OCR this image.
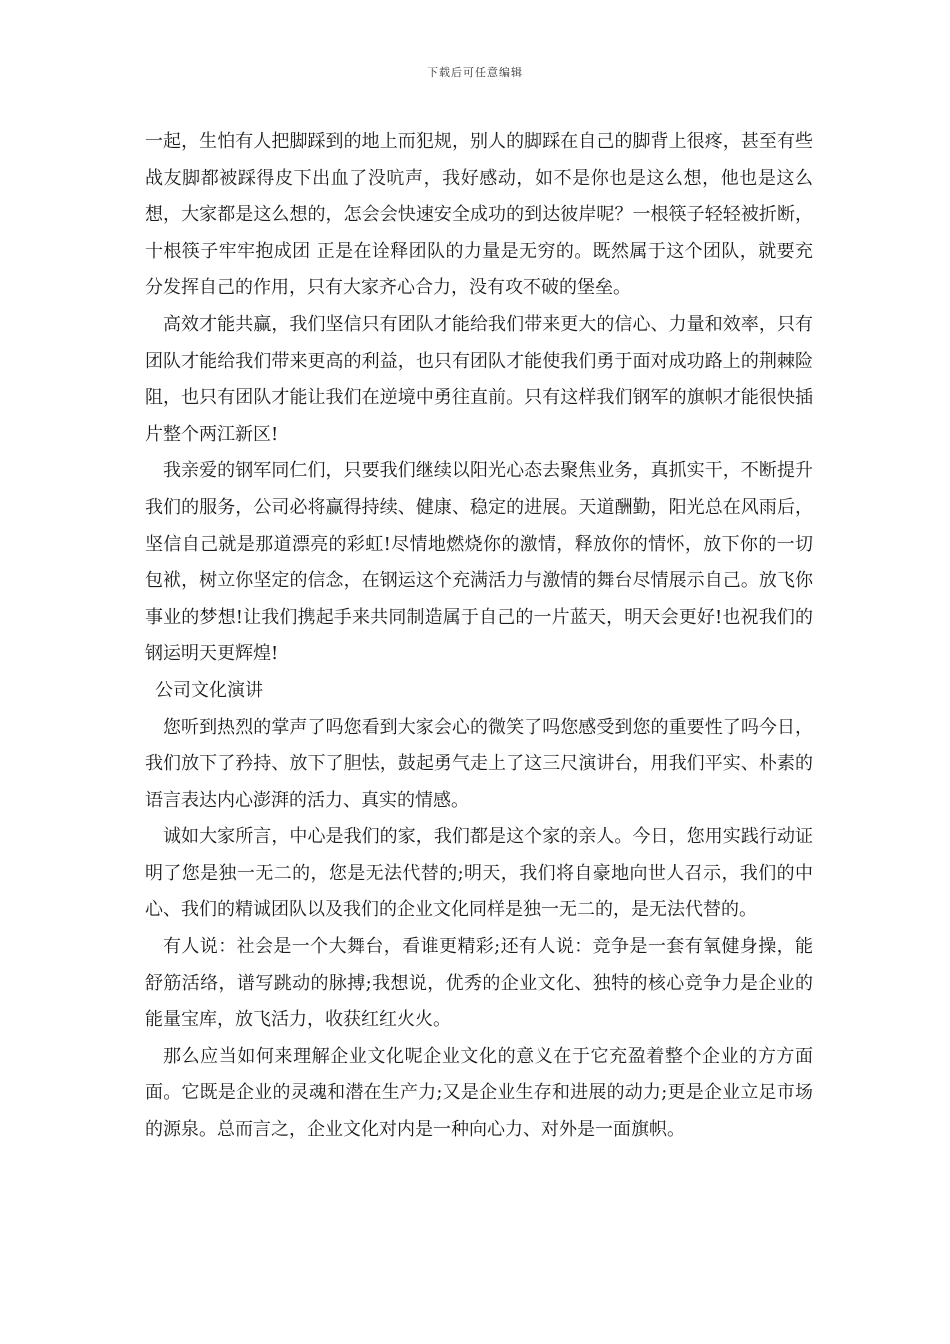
下载后可任意编辑

一起，生怕有人把脚踩到的地上而犯规，别人的脚踩在自己的脚背上很疼，甚至有些战友脚都被踩得皮下出血了没吭声，我好感动，如不是你也是这么想，他也是这么想，大家都是这么想的，怎会会快速安全成功的到达彼岸呢？一根筷子轻轻被折断，十根筷子牢牢抱成团 正是在诠释团队的力量是无穷的。既然属于这个团队，就要充分发挥自己的作用，只有大家齐心合力，没有攻不破的堡垒。

高效才能共赢，我们坚信只有团队才能给我们带来更大的信心、力量和效率，只有团队才能给我们带来更高的利益，也只有团队才能使我们勇于面对成功路上的荆棘险阻，也只有团队才能让我们在逆境中勇往直前。只有这样我们钢军的旗帜才能很快插片整个两江新区!

我亲爱的钢军同仁们，只要我们继续以阳光心态去聚焦业务，真抓实干，不断提升我们的服务，公司必将赢得持续、健康、稳定的进展。天道酬勤，阳光总在风雨后，坚信自己就是那道漂亮的彩虹!尽情地燃烧你的激情，释放你的情怀，放下你的一切包袱，树立你坚定的信念，在钢运这个充满活力与激情的舞台尽情展示自己。放飞你事业的梦想!让我们携起手来共同制造属于自己的一片蓝天，明天会更好!也祝我们的钢运明天更辉煌!

公司文化演讲

您听到热烈的掌声了吗您看到大家会心的微笑了吗您感受到您的重要性了吗今日，我们放下了矜持、放下了胆怯，鼓起勇气走上了这三尺演讲台，用我们平实、朴素的语言表达内心澎湃的活力、真实的情感。

诚如大家所言，中心是我们的家，我们都是这个家的亲人。今日，您用实践行动证明了您是独一无二的，您是无法代替的;明天，我们将自豪地向世人召示，我们的中心、我们的精诚团队以及我们的企业文化同样是独一无二的，是无法代替的。

有人说：社会是一个大舞台，看谁更精彩;还有人说：竞争是一套有氧健身操，能舒筋活络，谱写跳动的脉搏;我想说，优秀的企业文化、独特的核心竞争力是企业的能量宝库，放飞活力，收获红红火火。

那么应当如何来理解企业文化呢企业文化的意义在于它充盈着整个企业的方方面面。它既是企业的灵魂和潜在生产力;又是企业生存和进展的动力;更是企业立足市场的源泉。总而言之，企业文化对内是一种向心力、对外是一面旗帜。
